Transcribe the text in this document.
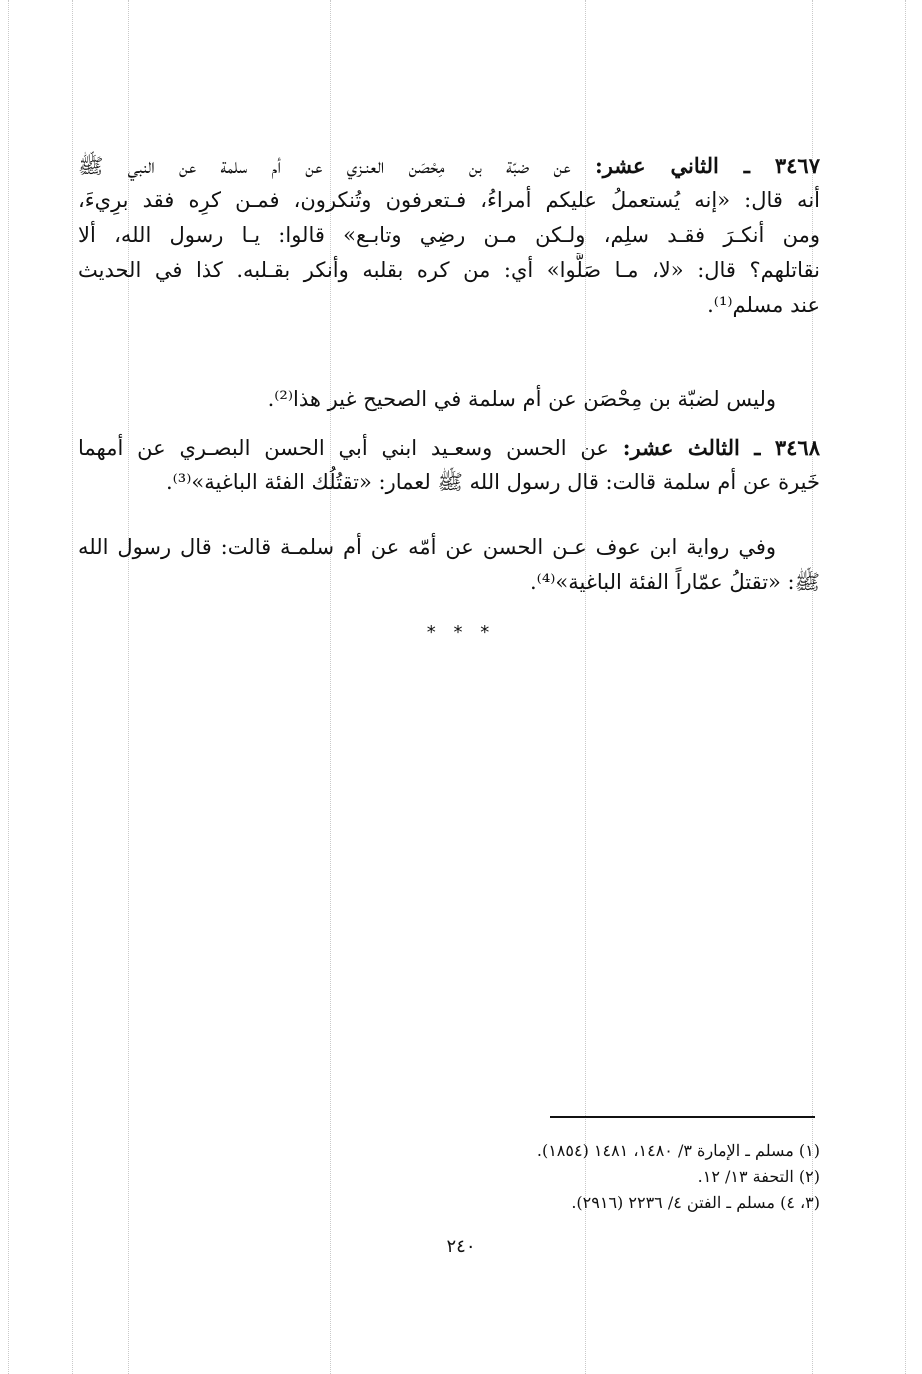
٣٤٦٧ ـ الثاني عشر: عن ضبّة بن مِحْصَن العنـزي عن أم سلمة عن النبي ﷺ
أنه قال: «إنه يُستعملُ عليكم أمراءُ، فـتعرفون وتُنكرون، فمـن كرِه فقد برِيءَ،
ومن أنكـرَ فقـد سلِم، ولـكن مـن رضِي وتابـع» قالوا: يـا رسول الله، ألا
نقاتلهم؟ قال: «لا، مـا صَلَّوا» أي: من كره بقلبه وأنكر بقـلبه. كذا في الحديث
عند مسلم⁽¹⁾.
وليس لضبّة بن مِحْصَن عن أم سلمة في الصحيح غير هذا⁽²⁾.
٣٤٦٨ ـ الثالث عشر: عن الحسن وسعـيد ابني أبي الحسن البصـري عن أمهما
خَيرة عن أم سلمة قالت: قال رسول الله ﷺ لعمار: «تقتُلُك الفئة الباغية»⁽³⁾.
وفي رواية ابن عوف عـن الحسن عن أمّه عن أم سلمـة قالت: قال رسول الله
ﷺ: «تقتلُ عمّاراً الفئة الباغية»⁽⁴⁾.
* * *
(١) مسلم ـ الإمارة ٣/ ١٤٨٠، ١٤٨١ (١٨٥٤).
(٢) التحفة ١٣/ ١٢.
(٣، ٤) مسلم ـ الفتن ٤/ ٢٢٣٦ (٢٩١٦).
٢٤٠
